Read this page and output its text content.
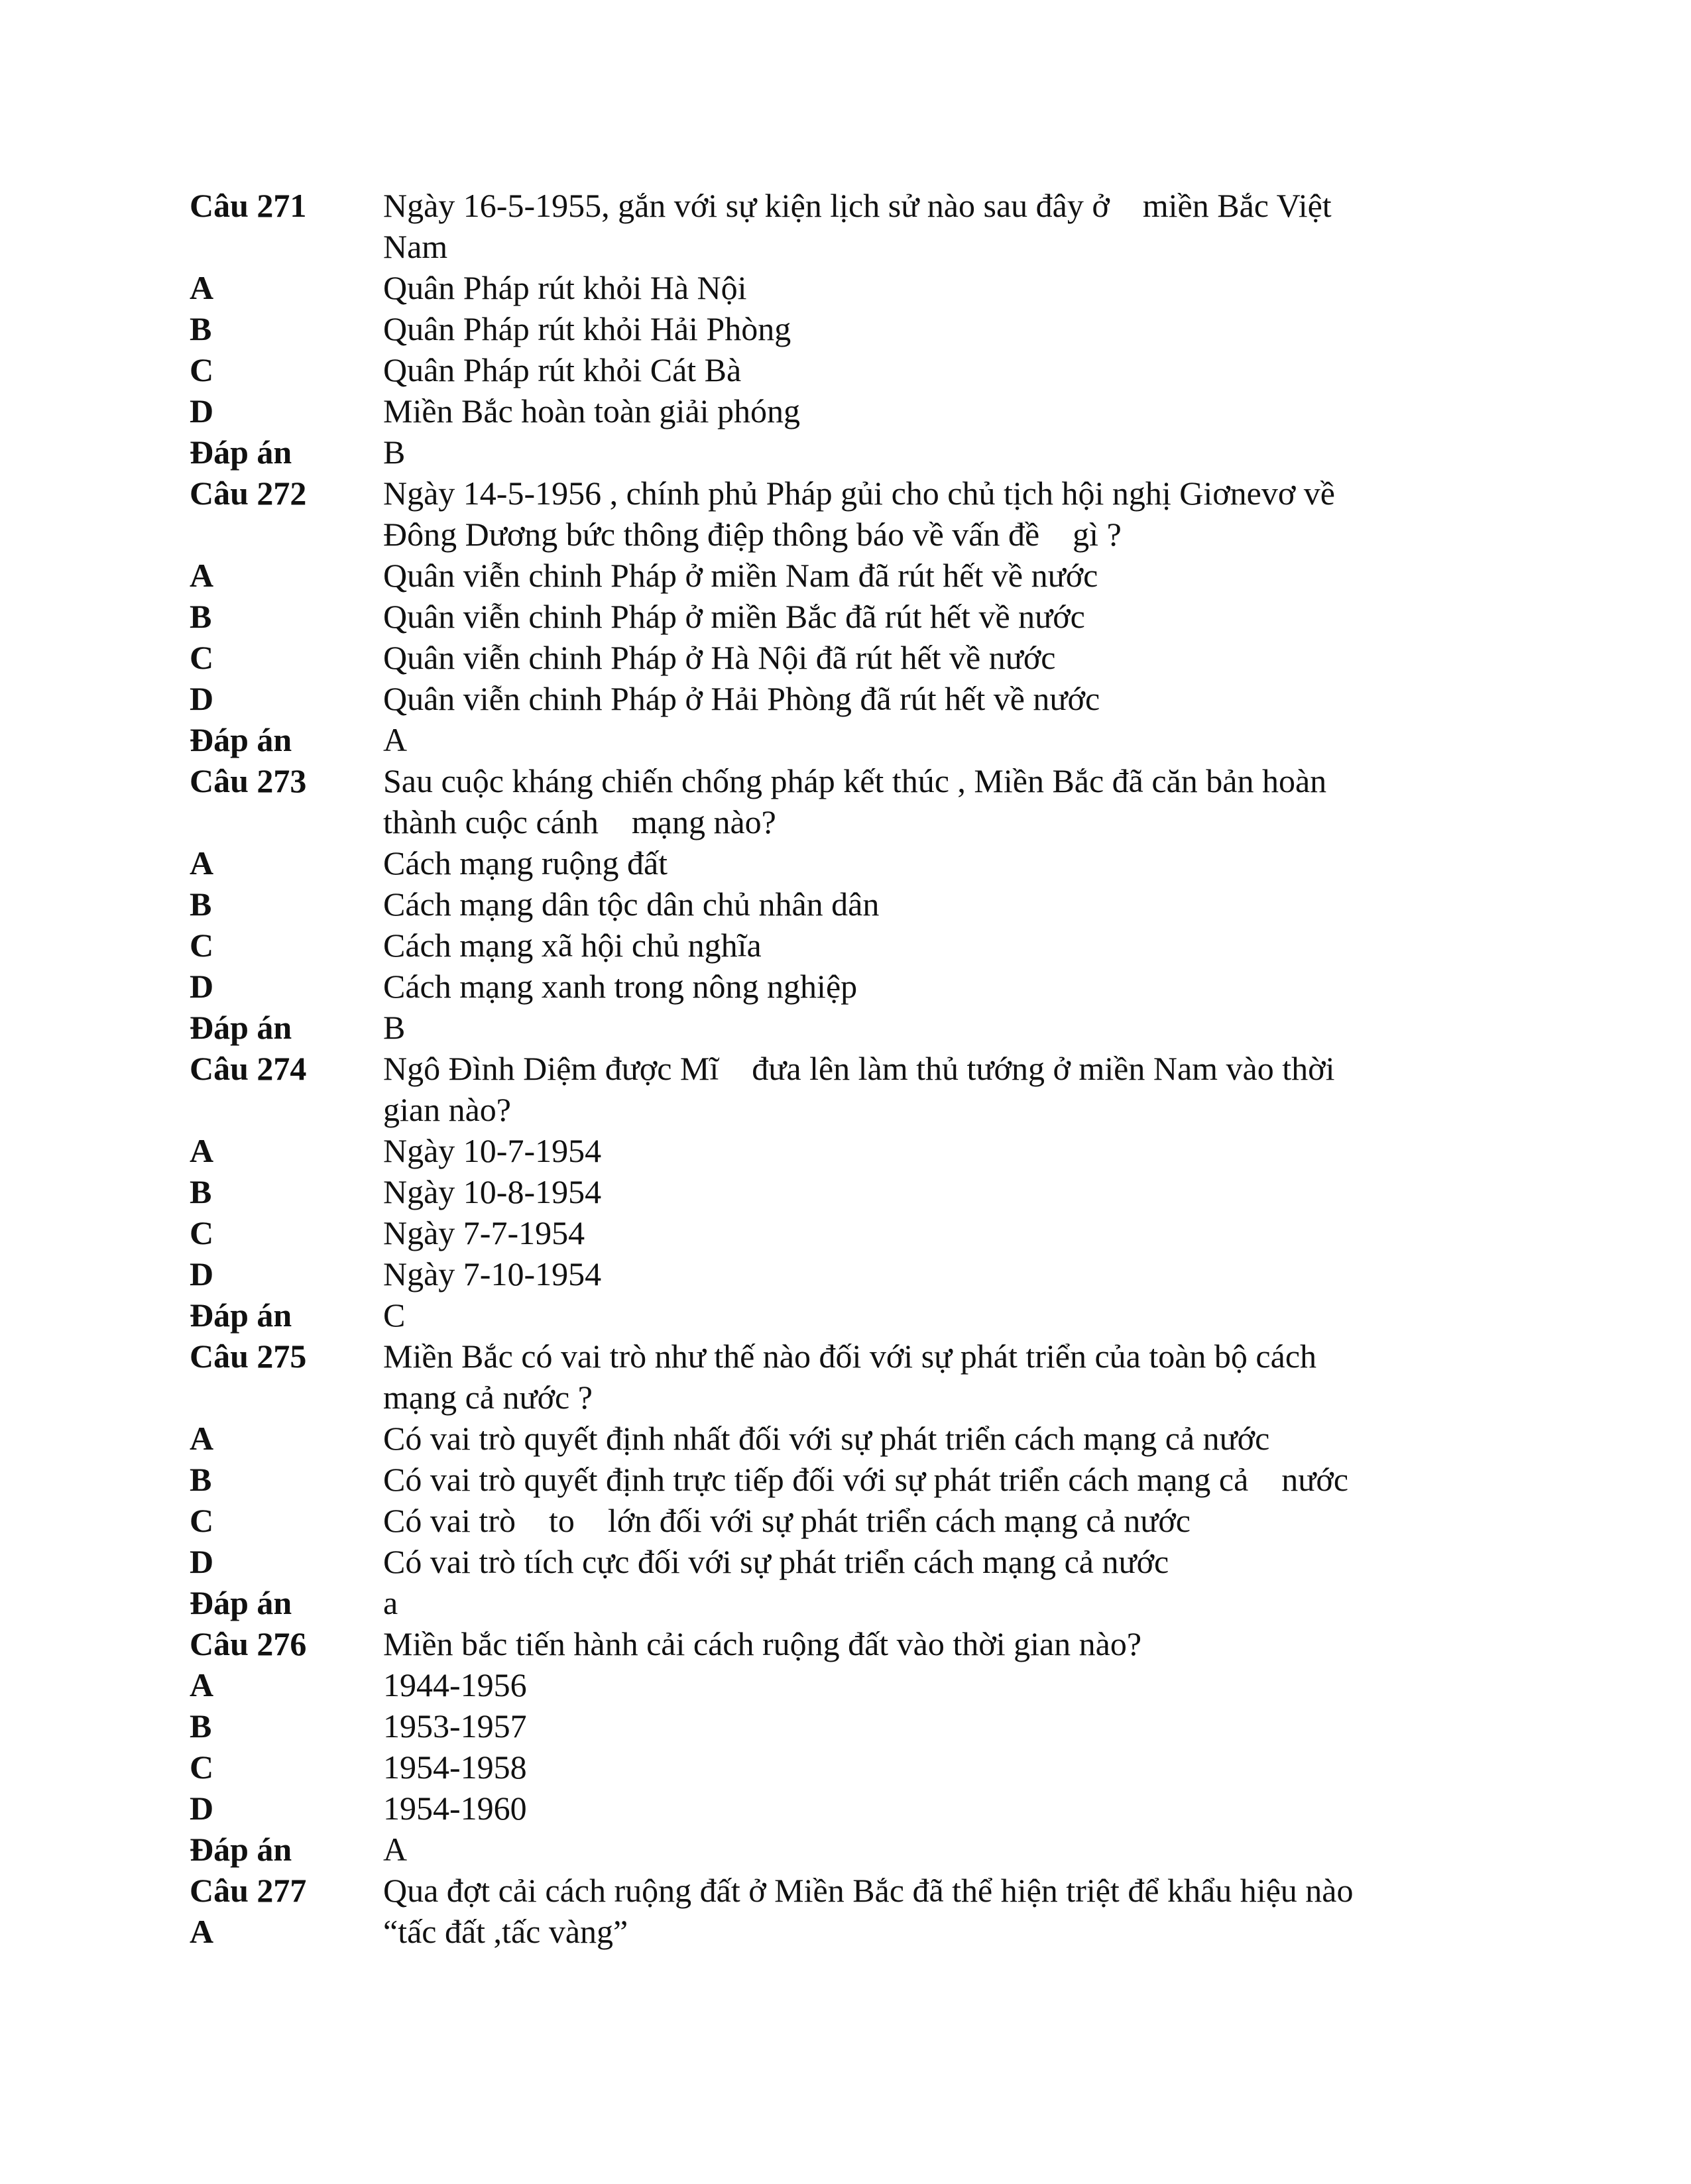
Câu 271	Ngày 16-5-1955, gắn với sự kiện lịch sử nào sau đây ở    miền Bắc Việt
Nam
A	Quân Pháp rút khỏi Hà Nội
B	Quân Pháp rút khỏi Hải Phòng
C	Quân Pháp rút khỏi Cát Bà
D	Miền Bắc hoàn toàn giải phóng
Đáp án	B
Câu 272	Ngày 14-5-1956 , chính phủ Pháp gủi cho chủ tịch hội nghị Giơnevơ về
Đông Dương bức thông điệp thông báo về vấn đề    gì ?
A	Quân viễn chinh Pháp ở miền Nam đã rút hết về nước
B	Quân viễn chinh Pháp ở miền Bắc đã rút hết về nước
C	Quân viễn chinh Pháp ở Hà Nội đã rút hết về nước
D	Quân viễn chinh Pháp ở Hải Phòng đã rút hết về nước
Đáp án	A
Câu 273	Sau cuộc kháng chiến chống pháp kết thúc , Miền Bắc đã căn bản hoàn
thành cuộc cánh    mạng nào?
A	Cách mạng ruộng đất
B	Cách mạng dân tộc dân chủ nhân dân
C	Cách mạng xã hội chủ nghĩa
D	Cách mạng xanh trong nông nghiệp
Đáp án	B
Câu 274	Ngô Đình Diệm được Mĩ    đưa lên làm thủ tướng ở miền Nam vào thời
gian nào?
A	Ngày 10-7-1954
B	Ngày 10-8-1954
C	Ngày 7-7-1954
D	Ngày 7-10-1954
Đáp án	C
Câu 275	Miền Bắc có vai trò như thế nào đối với sự phát triển của toàn bộ cách
mạng cả nước ?
A	Có vai trò quyết định nhất đối với sự phát triển cách mạng cả nước
B	Có vai trò quyết định trực tiếp đối với sự phát triển cách mạng cả    nước
C	Có vai trò    to    lớn đối với sự phát triển cách mạng cả nước
D	Có vai trò tích cực đối với sự phát triển cách mạng cả nước
Đáp án	a
Câu 276	Miền bắc tiến hành cải cách ruộng đất vào thời gian nào?
A	1944-1956
B	1953-1957
C	1954-1958
D	1954-1960
Đáp án	A
Câu 277	Qua đợt cải cách ruộng đất ở Miền Bắc đã thể hiện triệt để khẩu hiệu nào
A	“tấc đất ,tấc vàng”
